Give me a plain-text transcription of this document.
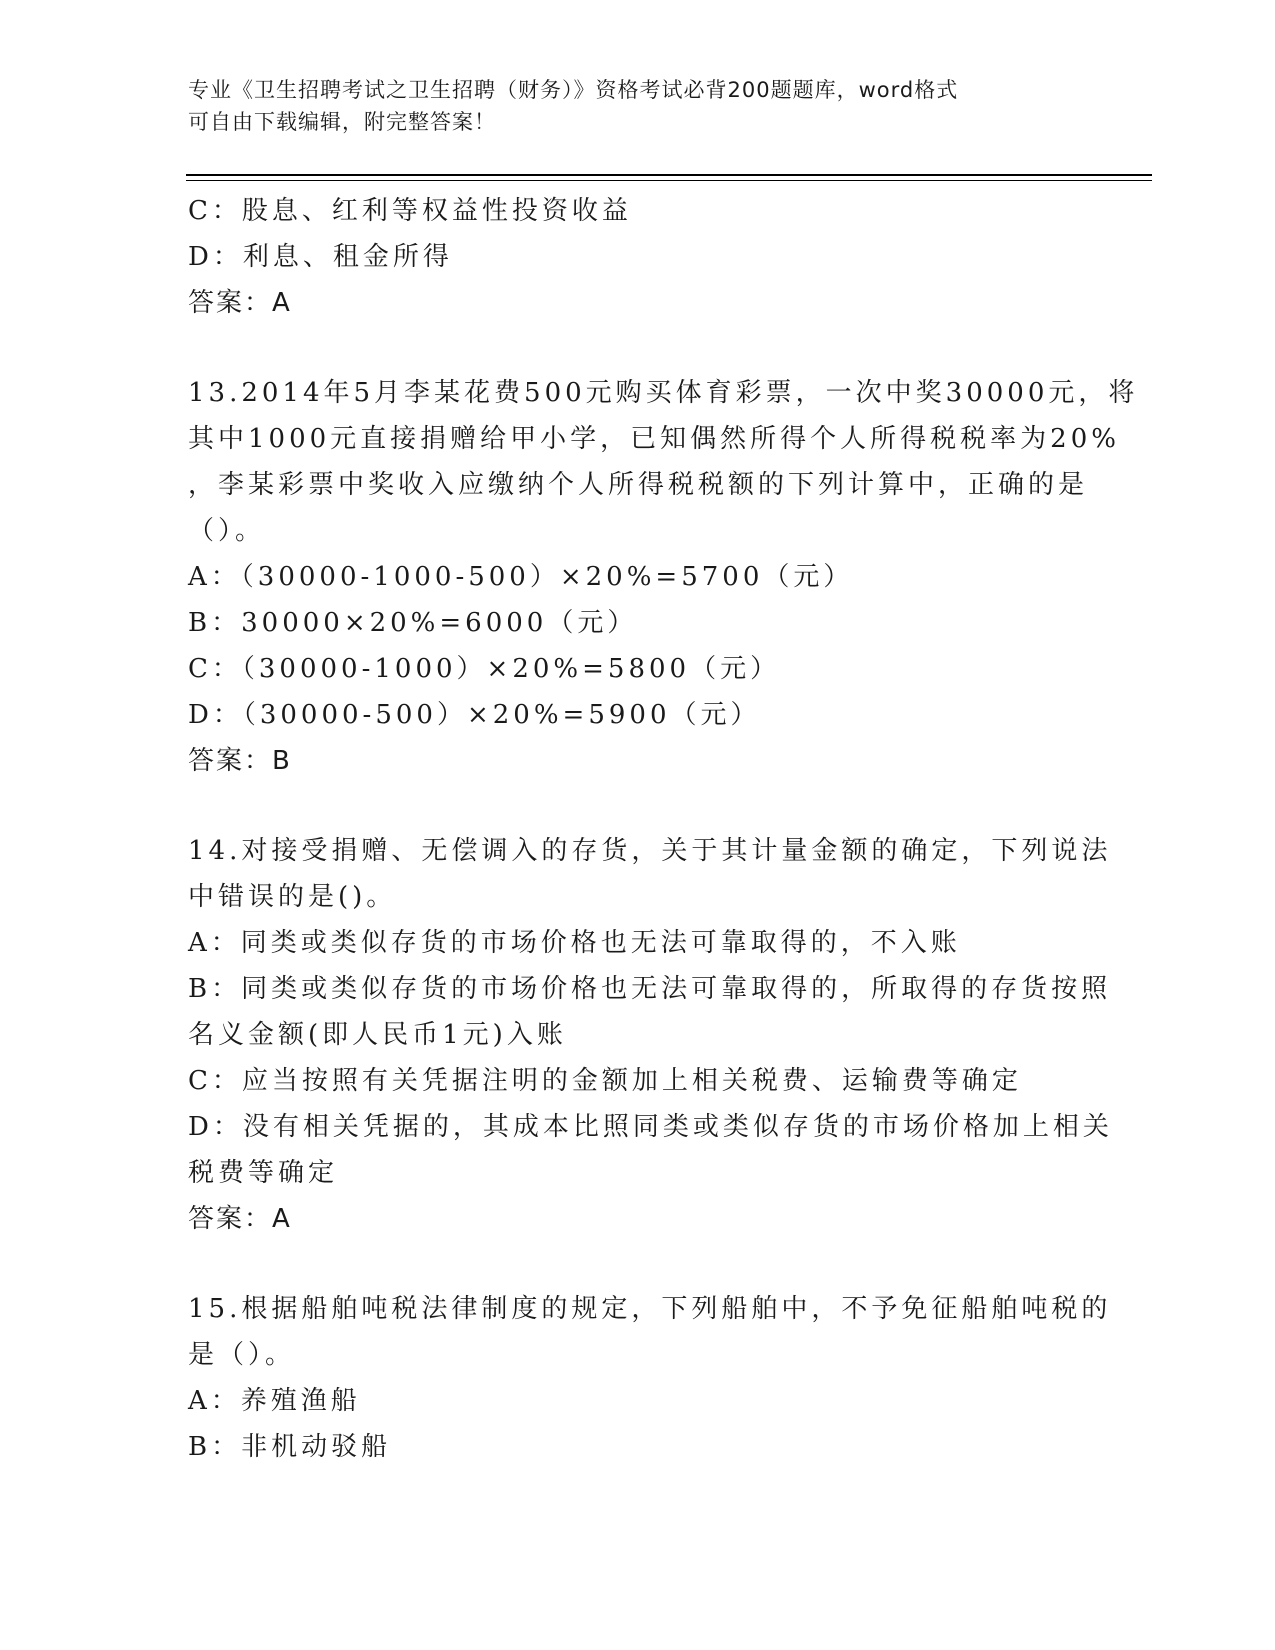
专业《卫生招聘考试之卫生招聘（财务）》资格考试必背200题题库，word格式
可自由下载编辑，附完整答案！
C：股息、红利等权益性投资收益
D：利息、租金所得
答案：A
13.2014年5月李某花费500元购买体育彩票，一次中奖30000元，将
其中1000元直接捐赠给甲小学，已知偶然所得个人所得税税率为20%
，李某彩票中奖收入应缴纳个人所得税税额的下列计算中，正确的是
（）。
A：（30000-1000-500）×20%=5700（元）
B：30000×20%=6000（元）
C：（30000-1000）×20%=5800（元）
D：（30000-500）×20%=5900（元）
答案：B
14.对接受捐赠、无偿调入的存货，关于其计量金额的确定，下列说法
中错误的是()。
A：同类或类似存货的市场价格也无法可靠取得的，不入账
B：同类或类似存货的市场价格也无法可靠取得的，所取得的存货按照
名义金额(即人民币1元)入账
C：应当按照有关凭据注明的金额加上相关税费、运输费等确定
D：没有相关凭据的，其成本比照同类或类似存货的市场价格加上相关
税费等确定
答案：A
15.根据船舶吨税法律制度的规定，下列船舶中，不予免征船舶吨税的
是（）。
A：养殖渔船
B：非机动驳船
